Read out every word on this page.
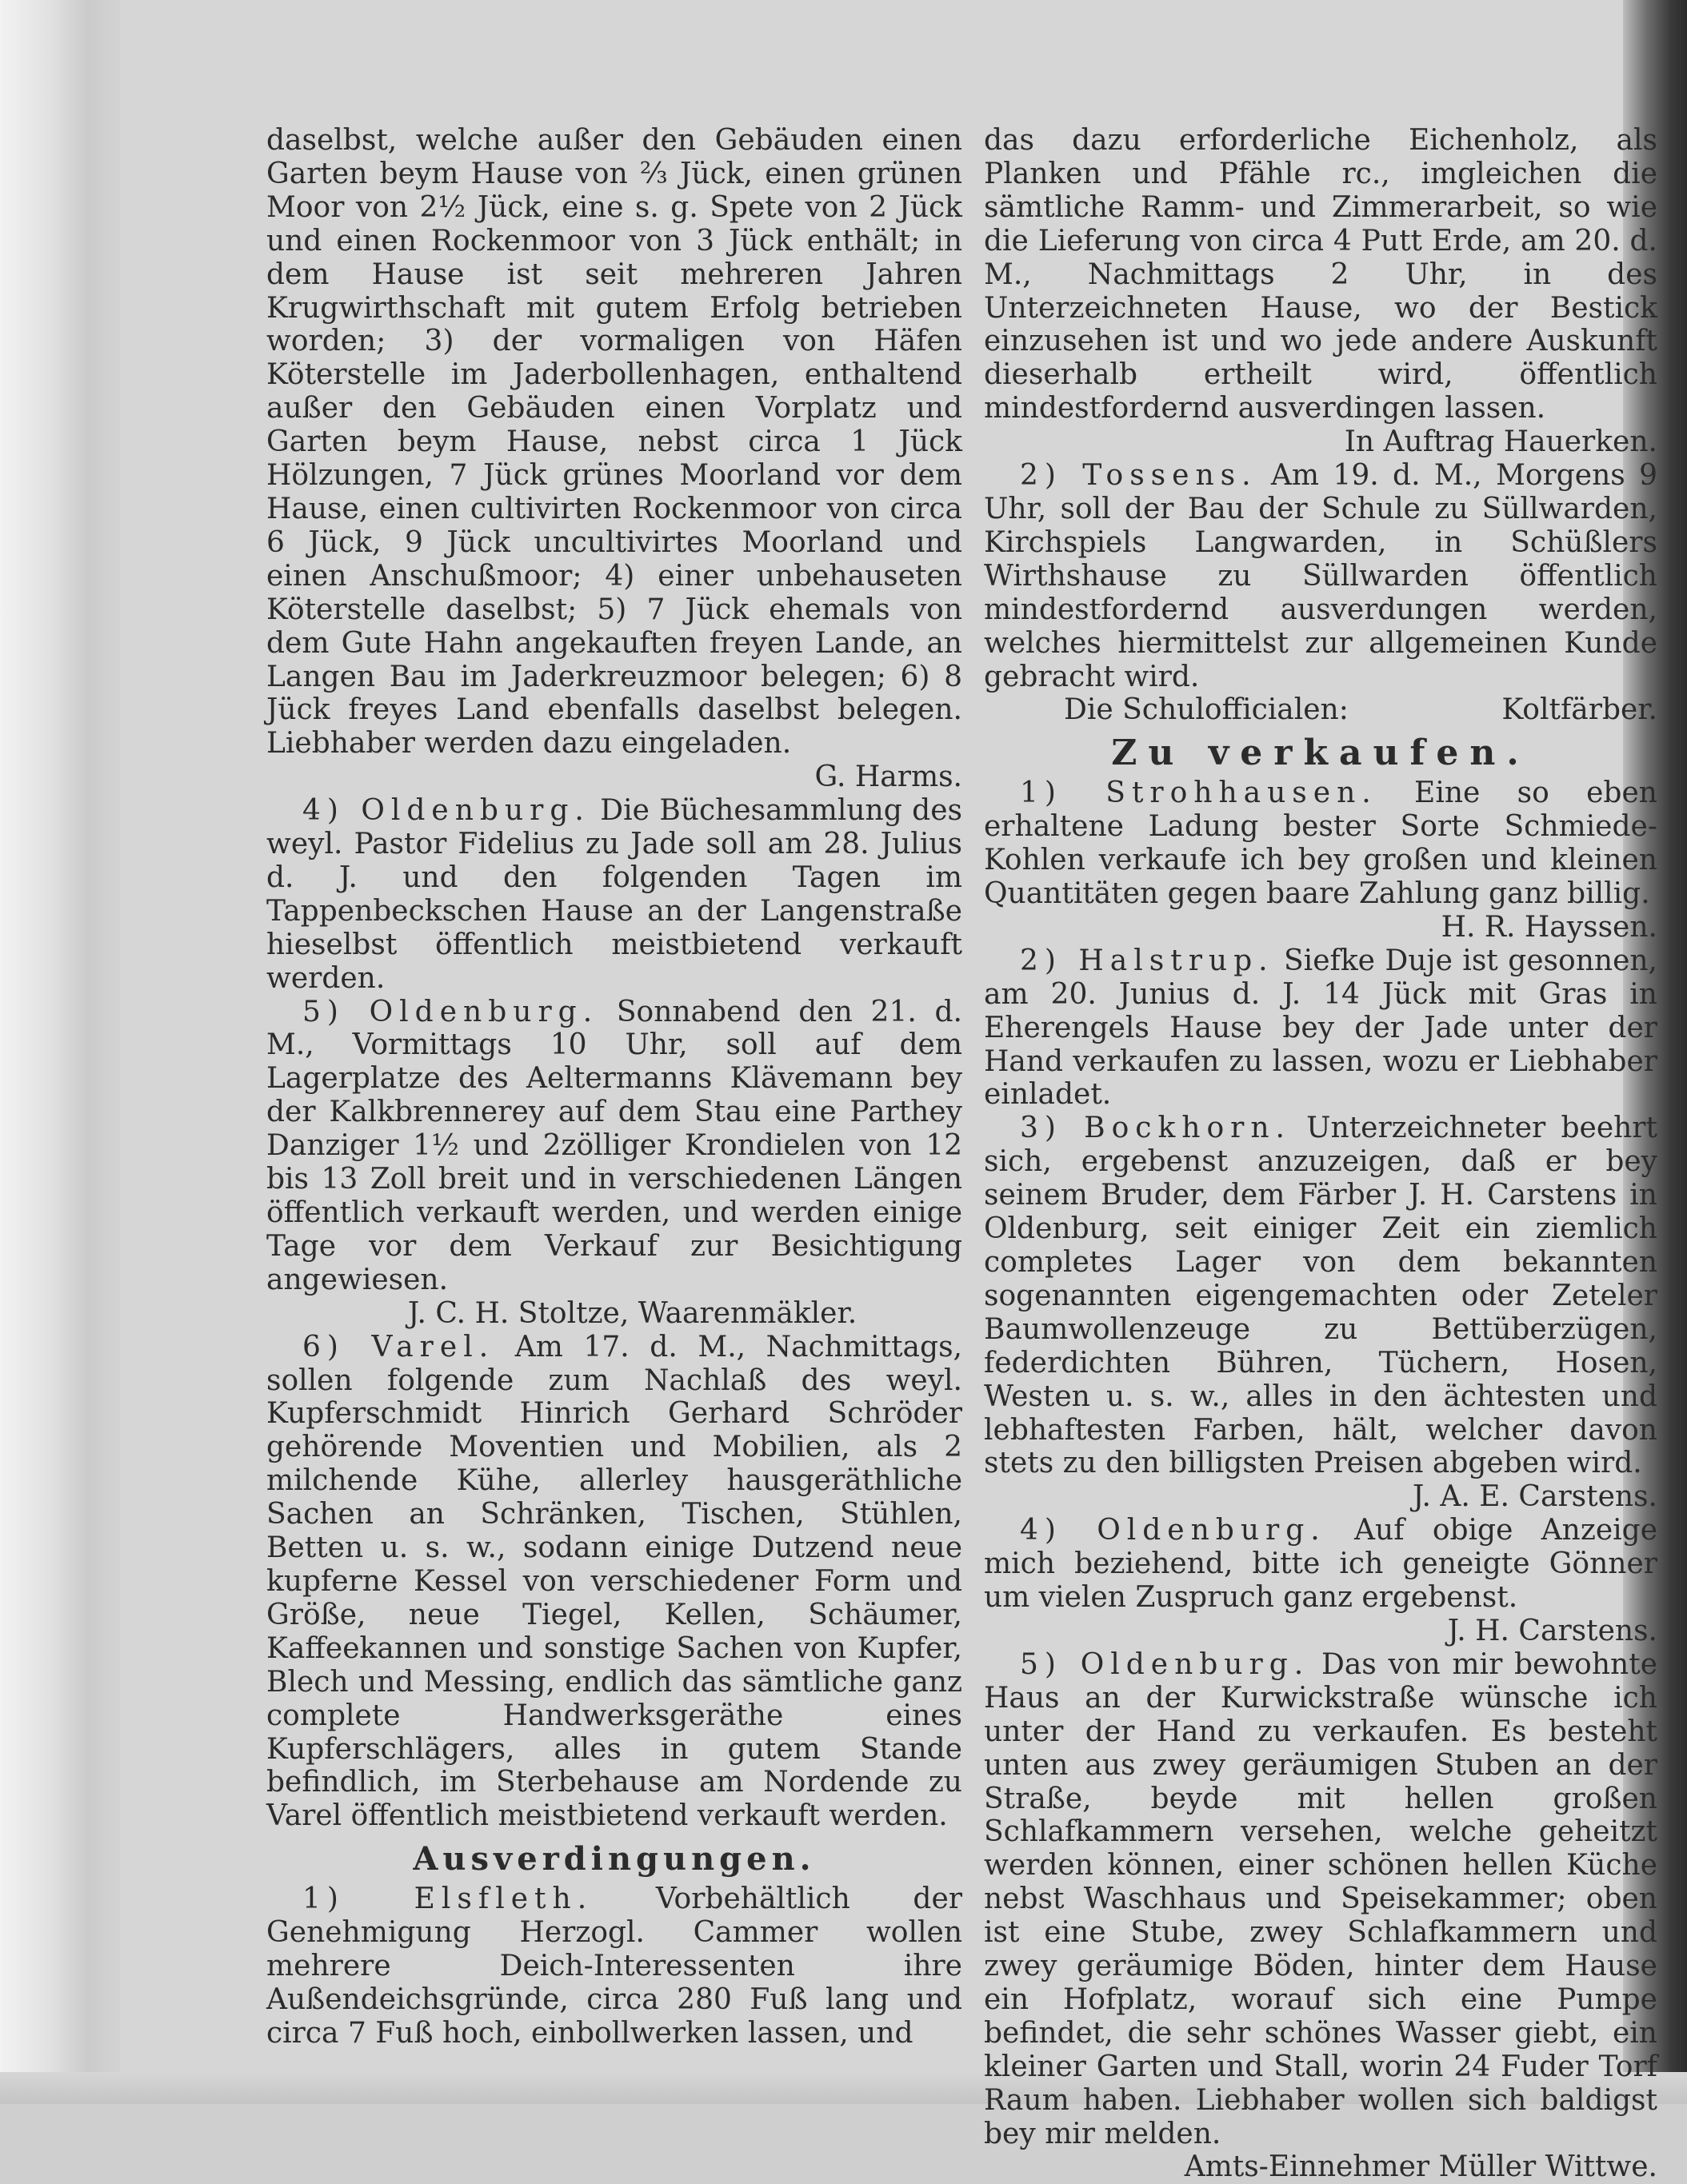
daselbst, welche außer den Gebäuden einen Garten beym Hause von ⅔ Jück, einen grünen Moor von 2½ Jück, eine s. g. Spete von 2 Jück und einen Rockenmoor von 3 Jück enthält; in dem Hause ist seit mehreren Jahren Krugwirthschaft mit gutem Erfolg betrieben worden; 3) der vormaligen von Häfen Köterstelle im Jaderbollenhagen, enthaltend außer den Gebäuden einen Vorplatz und Garten beym Hause, nebst circa 1 Jück Hölzungen, 7 Jück grünes Moorland vor dem Hause, einen cultivirten Rockenmoor von circa 6 Jück, 9 Jück uncultivirtes Moorland und einen Anschußmoor; 4) einer unbehauseten Köterstelle daselbst; 5) 7 Jück ehemals von dem Gute Hahn angekauften freyen Lande, an Langen Bau im Jaderkreuzmoor belegen; 6) 8 Jück freyes Land ebenfalls daselbst belegen. Liebhaber werden dazu eingeladen.

G. Harms.

4) Oldenburg. Die Büchesammlung des weyl. Pastor Fidelius zu Jade soll am 28. Julius d. J. und den folgenden Tagen im Tappenbeckschen Hause an der Langenstraße hieselbst öffentlich meistbietend verkauft werden.

5) Oldenburg. Sonnabend den 21. d. M., Vormittags 10 Uhr, soll auf dem Lagerplatze des Aeltermanns Klävemann bey der Kalkbrennerey auf dem Stau eine Parthey Danziger 1½ und 2zölliger Krondielen von 12 bis 13 Zoll breit und in verschiedenen Längen öffentlich verkauft werden, und werden einige Tage vor dem Verkauf zur Besichtigung angewiesen.

J. C. H. Stoltze, Waarenmäkler.

6) Varel. Am 17. d. M., Nachmittags, sollen folgende zum Nachlaß des weyl. Kupferschmidt Hinrich Gerhard Schröder gehörende Moventien und Mobilien, als 2 milchende Kühe, allerley hausgeräthliche Sachen an Schränken, Tischen, Stühlen, Betten u. s. w., sodann einige Dutzend neue kupferne Kessel von verschiedener Form und Größe, neue Tiegel, Kellen, Schäumer, Kaffeekannen und sonstige Sachen von Kupfer, Blech und Messing, endlich das sämtliche ganz complete Handwerksgeräthe eines Kupferschlägers, alles in gutem Stande befindlich, im Sterbehause am Nordende zu Varel öffentlich meistbietend verkauft werden.

Ausverdingungen.

1) Elsfleth. Vorbehältlich der Genehmigung Herzogl. Cammer wollen mehrere Deich-Interessenten ihre Außendeichsgründe, circa 280 Fuß lang und circa 7 Fuß hoch, einbollwerken lassen, und

das dazu erforderliche Eichenholz, als Planken und Pfähle rc., imgleichen die sämtliche Ramm- und Zimmerarbeit, so wie die Lieferung von circa 4 Putt Erde, am 20. d. M., Nachmittags 2 Uhr, in des Unterzeichneten Hause, wo der Bestick einzusehen ist und wo jede andere Auskunft dieserhalb ertheilt wird, öffentlich mindestfordernd ausverdingen lassen.

In Auftrag Hauerken.

2) Tossens. Am 19. d. M., Morgens 9 Uhr, soll der Bau der Schule zu Süllwarden, Kirchspiels Langwarden, in Schüßlers Wirthshause zu Süllwarden öffentlich mindestfordernd ausverdungen werden, welches hiermittelst zur allgemeinen Kunde gebracht wird.

Die Schulofficialen:	Koltfärber.
Zu verkaufen.

1) Strohhausen. Eine so eben erhaltene Ladung bester Sorte Schmiede-Kohlen verkaufe ich bey großen und kleinen Quantitäten gegen baare Zahlung ganz billig.

H. R. Hayssen.

2) Halstrup. Siefke Duje ist gesonnen, am 20. Junius d. J. 14 Jück mit Gras in Eherengels Hause bey der Jade unter der Hand verkaufen zu lassen, wozu er Liebhaber einladet.

3) Bockhorn. Unterzeichneter beehrt sich, ergebenst anzuzeigen, daß er bey seinem Bruder, dem Färber J. H. Carstens in Oldenburg, seit einiger Zeit ein ziemlich completes Lager von dem bekannten sogenannten eigengemachten oder Zeteler Baumwollenzeuge zu Bettüberzügen, federdichten Bühren, Tüchern, Hosen, Westen u. s. w., alles in den ächtesten und lebhaftesten Farben, hält, welcher davon stets zu den billigsten Preisen abgeben wird.

J. A. E. Carstens.

4) Oldenburg. Auf obige Anzeige mich beziehend, bitte ich geneigte Gönner um vielen Zuspruch ganz ergebenst.

J. H. Carstens.

5) Oldenburg. Das von mir bewohnte Haus an der Kurwickstraße wünsche ich unter der Hand zu verkaufen. Es besteht unten aus zwey geräumigen Stuben an der Straße, beyde mit hellen großen Schlafkammern versehen, welche geheitzt werden können, einer schönen hellen Küche nebst Waschhaus und Speisekammer; oben ist eine Stube, zwey Schlafkammern und zwey geräumige Böden, hinter dem Hause ein Hofplatz, worauf sich eine Pumpe befindet, die sehr schönes Wasser giebt, ein kleiner Garten und Stall, worin 24 Fuder Torf Raum haben. Liebhaber wollen sich baldigst bey mir melden.

Amts-Einnehmer Müller Wittwe.
